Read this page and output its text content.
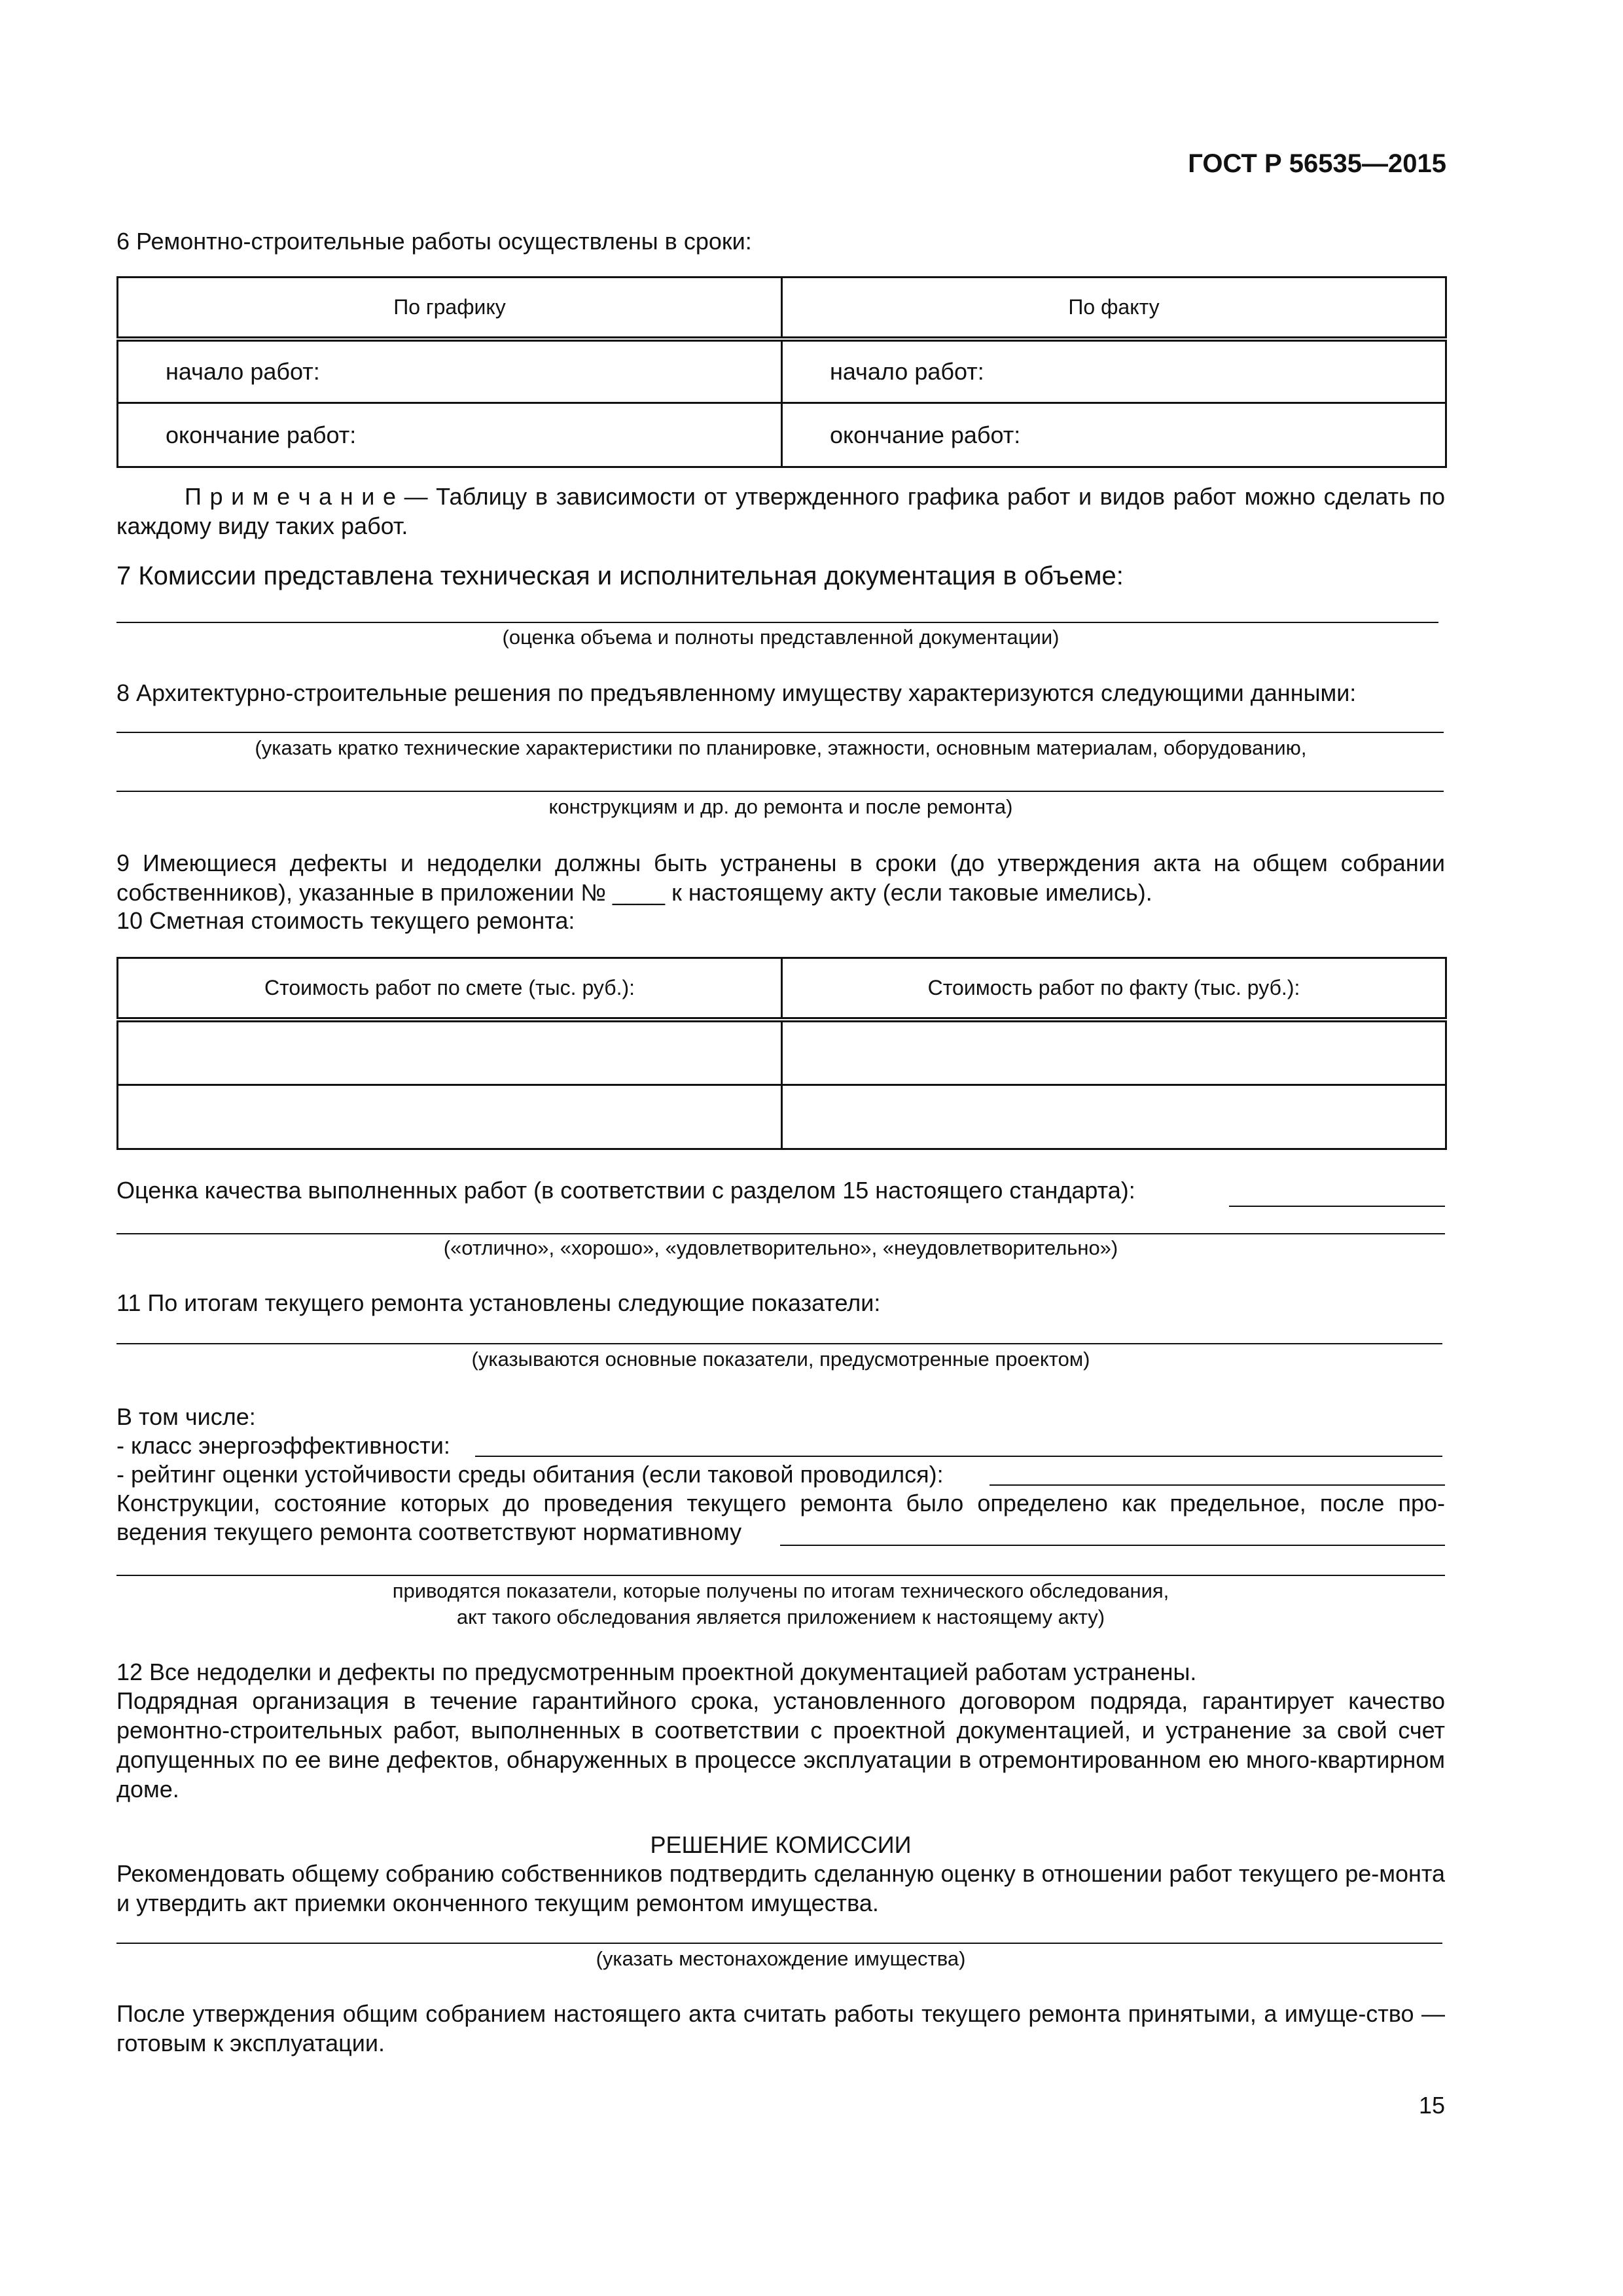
ГОСТ Р 56535—2015
6 Ремонтно-строительные работы осуществлены в сроки:
По графику	По факту
начало работ:	начало работ:
окончание работ:	окончание работ:
П р и м е ч а н и е — Таблицу в зависимости от утвержденного графика работ и видов работ можно сделать по каждому виду таких работ.
7 Комиссии представлена техническая и исполнительная документация в объеме:
(оценка объема и полноты представленной документации)
8 Архитектурно-строительные решения по предъявленному имуществу характеризуются следующими данными:
(указать кратко технические характеристики по планировке, этажности, основным материалам, оборудованию,
конструкциям и др. до ремонта и после ремонта)
9 Имеющиеся дефекты и недоделки должны быть устранены в сроки (до утверждения акта на общем собрании собственников), указанные в приложении № ____ к настоящему акту (если таковые имелись).
10 Сметная стоимость текущего ремонта:
Стоимость работ по смете (тыс. руб.):	Стоимость работ по факту (тыс. руб.):

Оценка качества выполненных работ (в соответствии с разделом 15 настоящего стандарта):
(«отлично», «хорошо», «удовлетворительно», «неудовлетворительно»)
11 По итогам текущего ремонта установлены следующие показатели:
(указываются основные показатели, предусмотренные проектом)
В том числе:
- класс энергоэффективности:
- рейтинг оценки устойчивости среды обитания (если таковой проводился):
Конструкции, состояние которых до проведения текущего ремонта было определено как предельное, после про-
ведения текущего ремонта соответствуют нормативному
приводятся показатели, которые получены по итогам технического обследования,
акт такого обследования является приложением к настоящему акту)
12 Все недоделки и дефекты по предусмотренным проектной документацией работам устранены.
Подрядная организация в течение гарантийного срока, установленного договором подряда, гарантирует качество ремонтно-строительных работ, выполненных в соответствии с проектной документацией, и устранение за свой счет допущенных по ее вине дефектов, обнаруженных в процессе эксплуатации в отремонтированном ею много-квартирном доме.
РЕШЕНИЕ КОМИССИИ
Рекомендовать общему собранию собственников подтвердить сделанную оценку в отношении работ текущего ре-монта и утвердить акт приемки оконченного текущим ремонтом имущества.
(указать местонахождение имущества)
После утверждения общим собранием настоящего акта считать работы текущего ремонта принятыми, а имуще-ство — готовым к эксплуатации.
15
